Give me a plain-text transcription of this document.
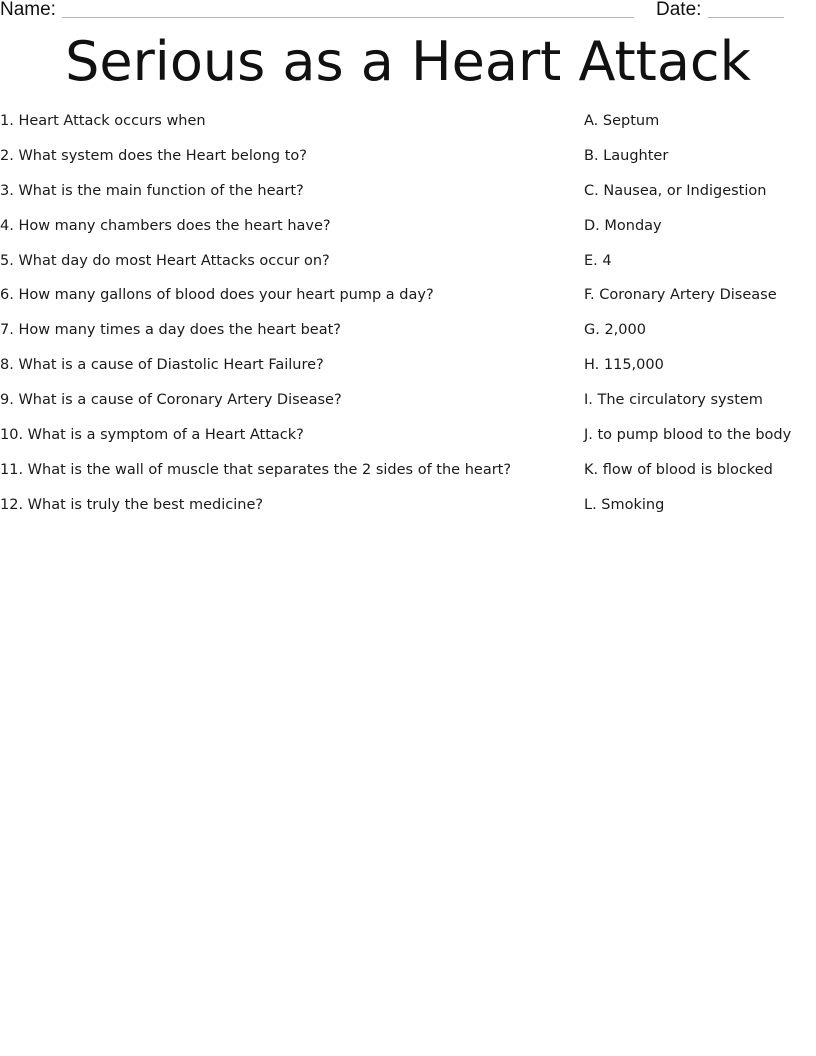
Name:	Date:
Serious as a Heart Attack
1. Heart Attack occurs when
2. What system does the Heart belong to?
3. What is the main function of the heart?
4. How many chambers does the heart have?
5. What day do most Heart Attacks occur on?
6. How many gallons of blood does your heart pump a day?
7. How many times a day does the heart beat?
8. What is a cause of Diastolic Heart Failure?
9. What is a cause of Coronary Artery Disease?
10. What is a symptom of a Heart Attack?
11. What is the wall of muscle that separates the 2 sides of the heart?
12. What is truly the best medicine?
A. Septum
B. Laughter
C. Nausea, or Indigestion
D. Monday
E. 4
F. Coronary Artery Disease
G. 2,000
H. 115,000
I. The circulatory system
J. to pump blood to the body
K. flow of blood is blocked
L. Smoking
